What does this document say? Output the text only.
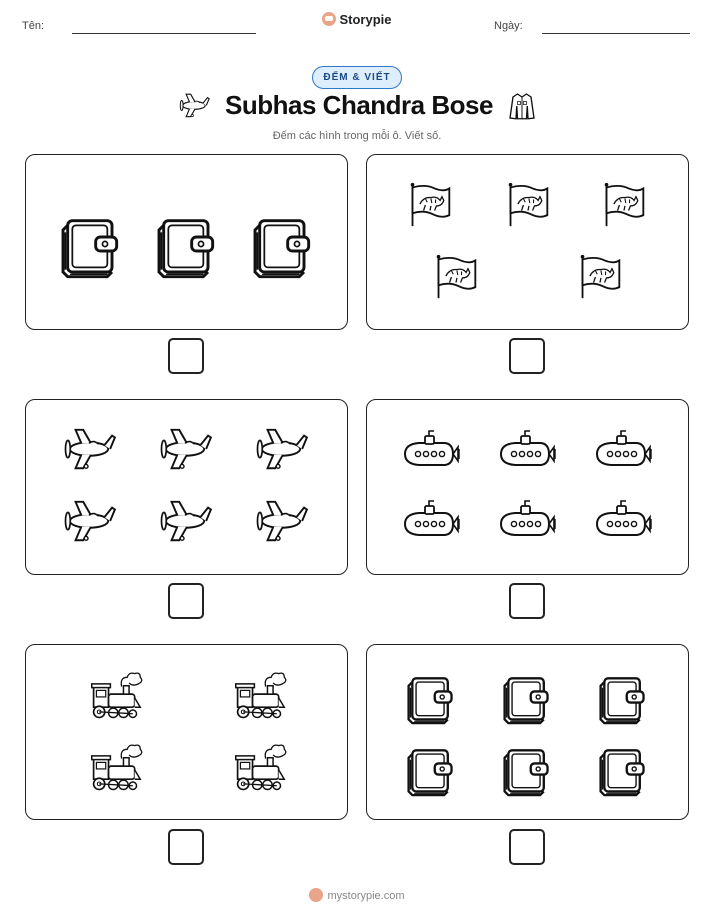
Tên:	Storypie	Ngày:
ĐẾM & VIẾT
Subhas Chandra Bose
Đếm các hình trong mỗi ô. Viết số.
mystorypie.com
